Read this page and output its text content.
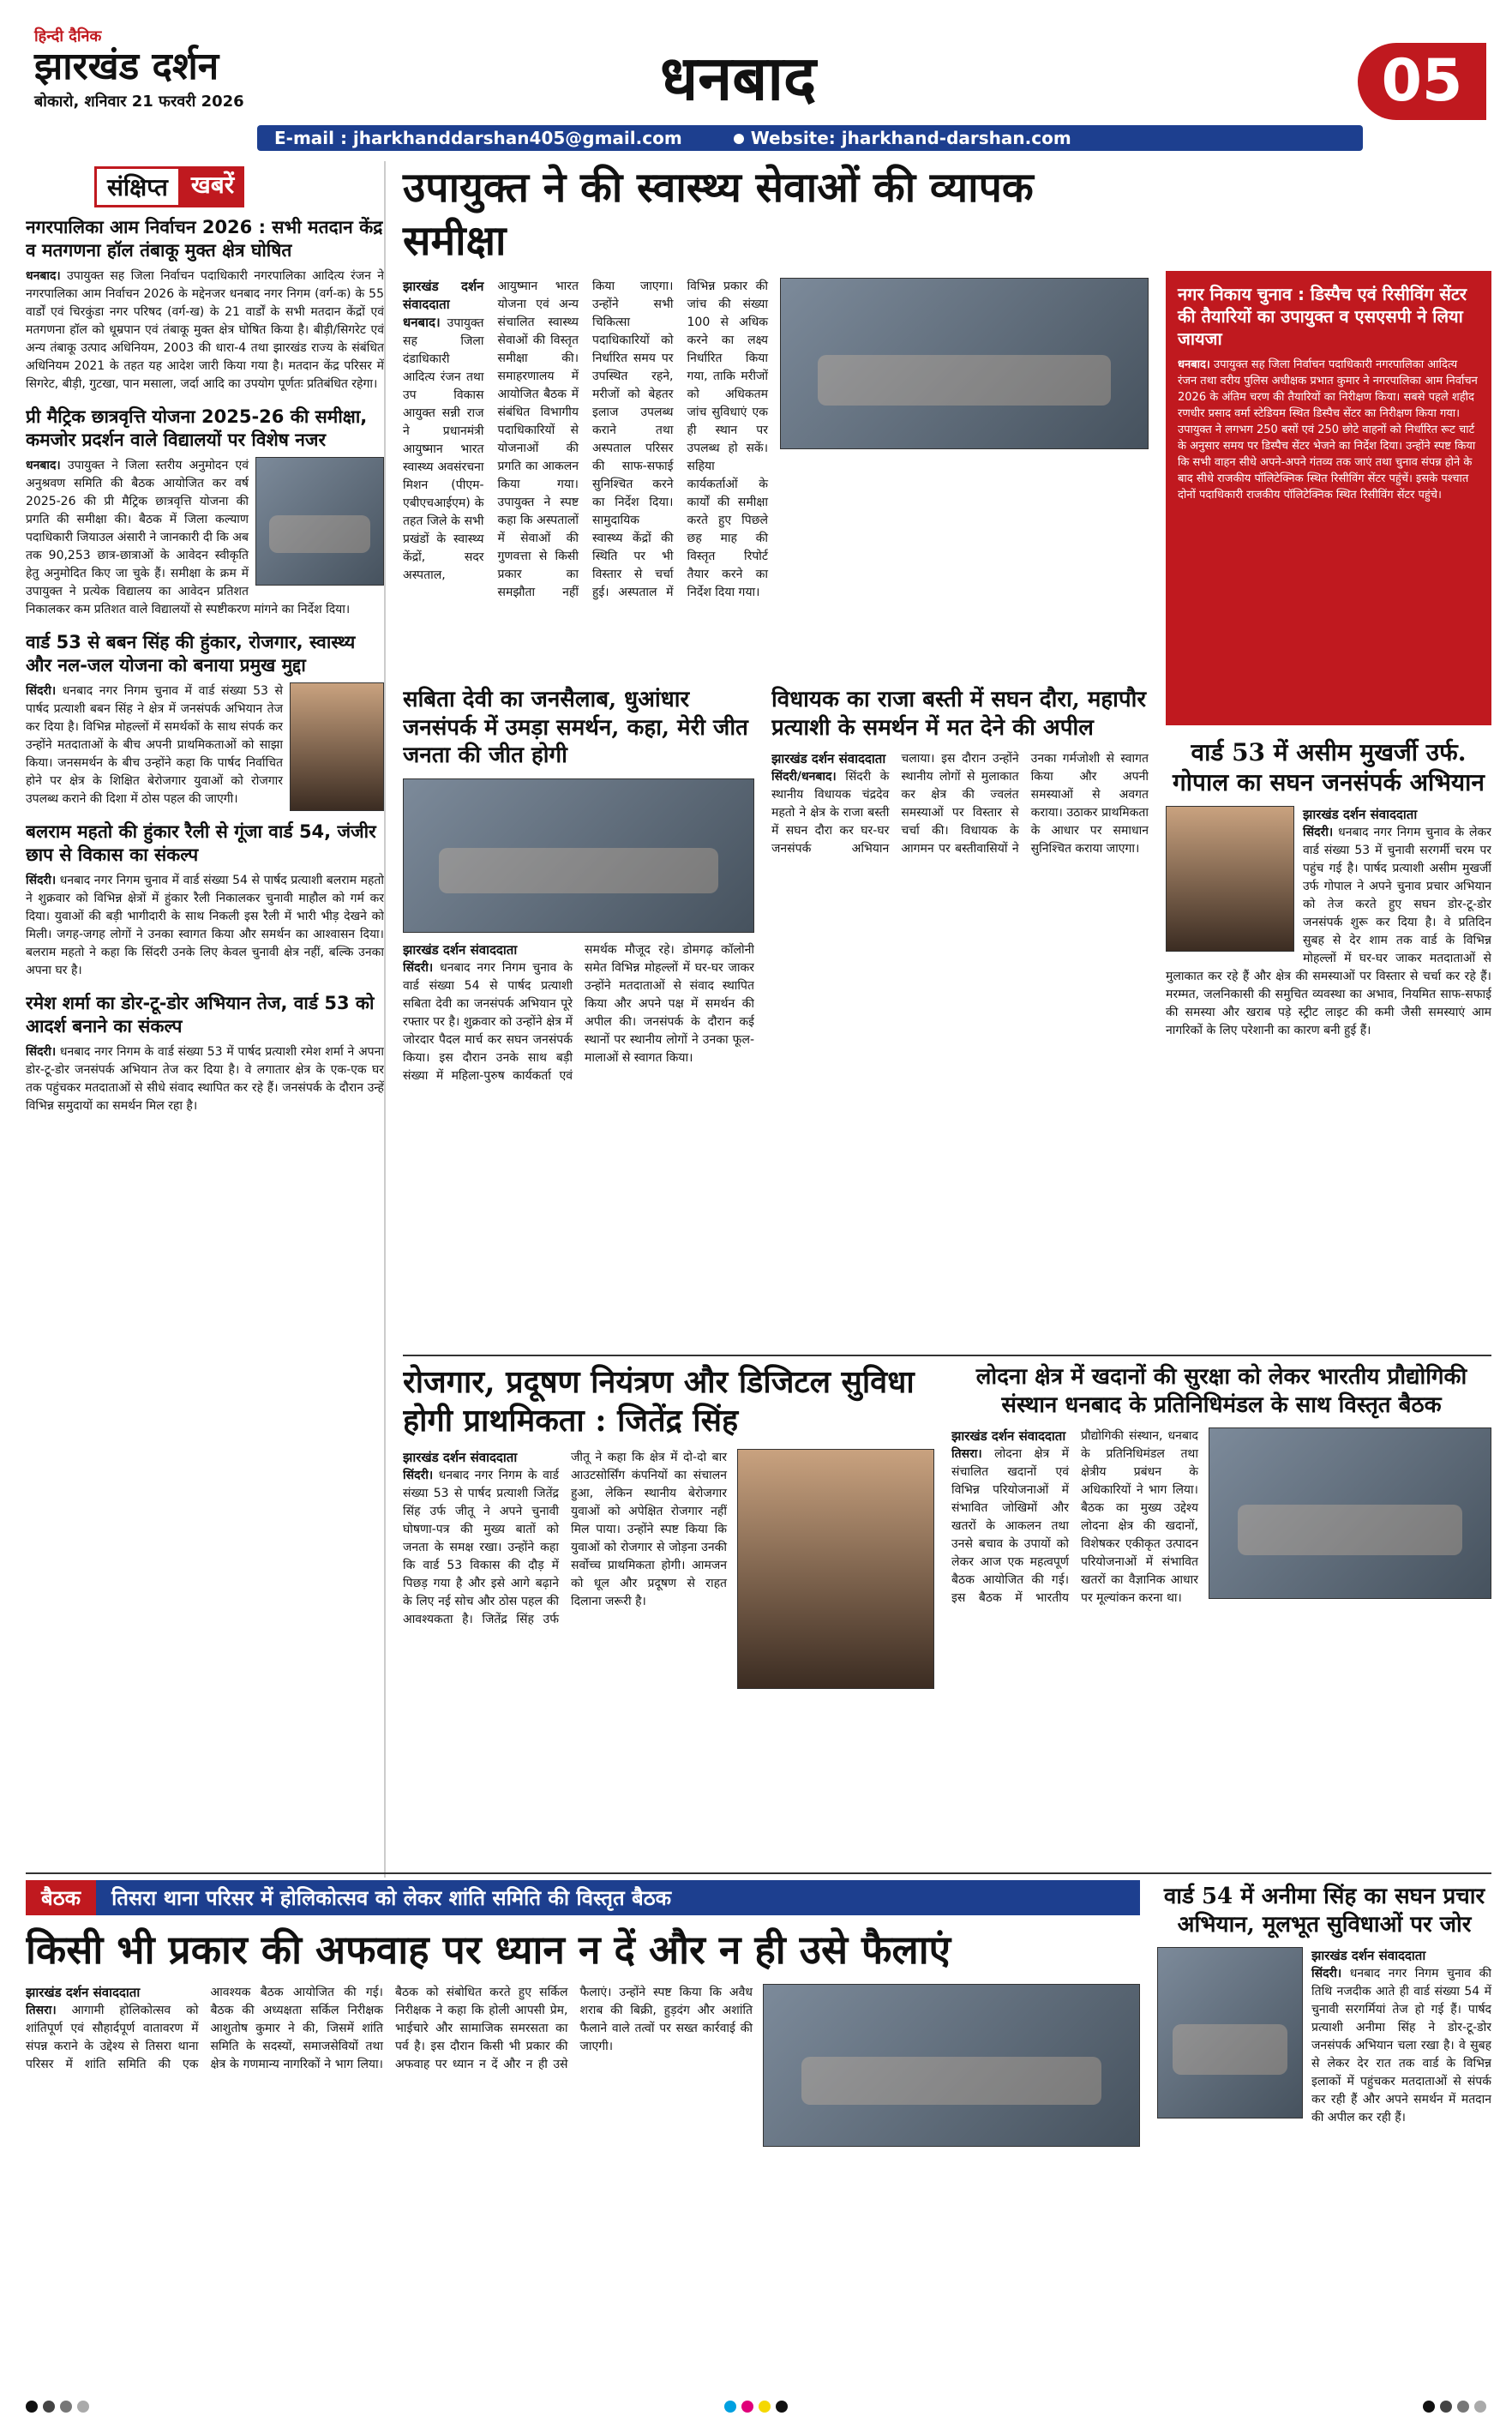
हिन्दी दैनिक
झारखंड दर्शन
बोकारो, शनिवार 21 फरवरी 2026	धनबाद	05
E-mail : jharkhanddarshan405@gmail.com	Website: jharkhand-darshan.com
संक्षिप्त खबरें
नगरपालिका आम निर्वाचन 2026 : सभी मतदान केंद्र व मतगणना हॉल तंबाकू मुक्त क्षेत्र घोषित

धनबाद। उपायुक्त सह जिला निर्वाचन पदाधिकारी नगरपालिका आदित्य रंजन ने नगरपालिका आम निर्वाचन 2026 के मद्देनजर धनबाद नगर निगम (वर्ग-क) के 55 वार्डों एवं चिरकुंडा नगर परिषद (वर्ग-ख) के 21 वार्डों के सभी मतदान केंद्रों एवं मतगणना हॉल को धूम्रपान एवं तंबाकू मुक्त क्षेत्र घोषित किया है। बीड़ी/सिगरेट एवं अन्य तंबाकू उत्पाद अधिनियम, 2003 की धारा-4 तथा झारखंड राज्य के संबंधित अधिनियम 2021 के तहत यह आदेश जारी किया गया है। मतदान केंद्र परिसर में सिगरेट, बीड़ी, गुटखा, पान मसाला, जर्दा आदि का उपयोग पूर्णतः प्रतिबंधित रहेगा।

प्री मैट्रिक छात्रवृत्ति योजना 2025-26 की समीक्षा, कमजोर प्रदर्शन वाले विद्यालयों पर विशेष नजर

धनबाद। उपायुक्त ने जिला स्तरीय अनुमोदन एवं अनुश्रवण समिति की बैठक आयोजित कर वर्ष 2025-26 की प्री मैट्रिक छात्रवृत्ति योजना की प्रगति की समीक्षा की। बैठक में जिला कल्याण पदाधिकारी जियाउल अंसारी ने जानकारी दी कि अब तक 90,253 छात्र-छात्राओं के आवेदन स्वीकृति हेतु अनुमोदित किए जा चुके हैं। समीक्षा के क्रम में उपायुक्त ने प्रत्येक विद्यालय का आवेदन प्रतिशत निकालकर कम प्रतिशत वाले विद्यालयों से स्पष्टीकरण मांगने का निर्देश दिया।

वार्ड 53 से बबन सिंह की हुंकार, रोजगार, स्वास्थ्य और नल-जल योजना को बनाया प्रमुख मुद्दा

सिंदरी। धनबाद नगर निगम चुनाव में वार्ड संख्या 53 से पार्षद प्रत्याशी बबन सिंह ने क्षेत्र में जनसंपर्क अभियान तेज कर दिया है। विभिन्न मोहल्लों में समर्थकों के साथ संपर्क कर उन्होंने मतदाताओं के बीच अपनी प्राथमिकताओं को साझा किया। जनसमर्थन के बीच उन्होंने कहा कि पार्षद निर्वाचित होने पर क्षेत्र के शिक्षित बेरोजगार युवाओं को रोजगार उपलब्ध कराने की दिशा में ठोस पहल की जाएगी।

बलराम महतो की हुंकार रैली से गूंजा वार्ड 54, जंजीर छाप से विकास का संकल्प

सिंदरी। धनबाद नगर निगम चुनाव में वार्ड संख्या 54 से पार्षद प्रत्याशी बलराम महतो ने शुक्रवार को विभिन्न क्षेत्रों में हुंकार रैली निकालकर चुनावी माहौल को गर्म कर दिया। युवाओं की बड़ी भागीदारी के साथ निकली इस रैली में भारी भीड़ देखने को मिली। जगह-जगह लोगों ने उनका स्वागत किया और समर्थन का आश्वासन दिया। बलराम महतो ने कहा कि सिंदरी उनके लिए केवल चुनावी क्षेत्र नहीं, बल्कि उनका अपना घर है।

रमेश शर्मा का डोर-टू-डोर अभियान तेज, वार्ड 53 को आदर्श बनाने का संकल्प

सिंदरी। धनबाद नगर निगम के वार्ड संख्या 53 में पार्षद प्रत्याशी रमेश शर्मा ने अपना डोर-टू-डोर जनसंपर्क अभियान तेज कर दिया है। वे लगातार क्षेत्र के एक-एक घर तक पहुंचकर मतदाताओं से सीधे संवाद स्थापित कर रहे हैं। जनसंपर्क के दौरान उन्हें विभिन्न समुदायों का समर्थन मिल रहा है।

उपायुक्त ने की स्वास्थ्य सेवाओं की व्यापक समीक्षा
झारखंड दर्शन संवाददाता
धनबाद। उपायुक्त सह जिला दंडाधिकारी आदित्य रंजन तथा उप विकास आयुक्त सन्नी राज ने प्रधानमंत्री आयुष्मान भारत स्वास्थ्य अवसंरचना मिशन (पीएम-एबीएचआईएम) के तहत जिले के सभी प्रखंडों के स्वास्थ्य केंद्रों, सदर अस्पताल, आयुष्मान भारत योजना एवं अन्य संचालित स्वास्थ्य सेवाओं की विस्तृत समीक्षा की। समाहरणालय में आयोजित बैठक में संबंधित विभागीय पदाधिकारियों से योजनाओं की प्रगति का आकलन किया गया। उपायुक्त ने स्पष्ट कहा कि अस्पतालों में सेवाओं की गुणवत्ता से किसी प्रकार का समझौता नहीं किया जाएगा। उन्होंने सभी चिकित्सा पदाधिकारियों को निर्धारित समय पर उपस्थित रहने, मरीजों को बेहतर इलाज उपलब्ध कराने तथा अस्पताल परिसर की साफ-सफाई सुनिश्चित करने का निर्देश दिया। सामुदायिक स्वास्थ्य केंद्रों की स्थिति पर भी विस्तार से चर्चा हुई। अस्पताल में विभिन्न प्रकार की जांच की संख्या 100 से अधिक करने का लक्ष्य निर्धारित किया गया, ताकि मरीजों को अधिकतम जांच सुविधाएं एक ही स्थान पर उपलब्ध हो सकें। सहिया कार्यकर्ताओं के कार्यों की समीक्षा करते हुए पिछले छह माह की विस्तृत रिपोर्ट तैयार करने का निर्देश दिया गया।
नगर निकाय चुनाव : डिस्पैच एवं रिसीविंग सेंटर की तैयारियों का उपायुक्त व एसएसपी ने लिया जायजा

धनबाद। उपायुक्त सह जिला निर्वाचन पदाधिकारी नगरपालिका आदित्य रंजन तथा वरीय पुलिस अधीक्षक प्रभात कुमार ने नगरपालिका आम निर्वाचन 2026 के अंतिम चरण की तैयारियों का निरीक्षण किया। सबसे पहले शहीद रणधीर प्रसाद वर्मा स्टेडियम स्थित डिस्पैच सेंटर का निरीक्षण किया गया। उपायुक्त ने लगभग 250 बसों एवं 250 छोटे वाहनों को निर्धारित रूट चार्ट के अनुसार समय पर डिस्पैच सेंटर भेजने का निर्देश दिया। उन्होंने स्पष्ट किया कि सभी वाहन सीधे अपने-अपने गंतव्य तक जाएं तथा चुनाव संपन्न होने के बाद सीधे राजकीय पॉलिटेक्निक स्थित रिसीविंग सेंटर पहुंचें। इसके पश्चात दोनों पदाधिकारी राजकीय पॉलिटेक्निक स्थित रिसीविंग सेंटर पहुंचे।

सबिता देवी का जनसैलाब, धुआंधार जनसंपर्क में उमड़ा समर्थन, कहा, मेरी जीत जनता की जीत होगी
झारखंड दर्शन संवाददाता
सिंदरी। धनबाद नगर निगम चुनाव के वार्ड संख्या 54 से पार्षद प्रत्याशी सबिता देवी का जनसंपर्क अभियान पूरे रफ्तार पर है। शुक्रवार को उन्होंने क्षेत्र में जोरदार पैदल मार्च कर सघन जनसंपर्क किया। इस दौरान उनके साथ बड़ी संख्या में महिला-पुरुष कार्यकर्ता एवं समर्थक मौजूद रहे। डोमगढ़ कॉलोनी समेत विभिन्न मोहल्लों में घर-घर जाकर उन्होंने मतदाताओं से संवाद स्थापित किया और अपने पक्ष में समर्थन की अपील की। जनसंपर्क के दौरान कई स्थानों पर स्थानीय लोगों ने उनका फूल-मालाओं से स्वागत किया।
विधायक का राजा बस्ती में सघन दौरा, महापौर प्रत्याशी के समर्थन में मत देने की अपील
झारखंड दर्शन संवाददाता
सिंदरी/धनबाद। सिंदरी के स्थानीय विधायक चंद्रदेव महतो ने क्षेत्र के राजा बस्ती में सघन दौरा कर घर-घर जनसंपर्क अभियान चलाया। इस दौरान उन्होंने स्थानीय लोगों से मुलाकात कर क्षेत्र की ज्वलंत समस्याओं पर विस्तार से चर्चा की। विधायक के आगमन पर बस्तीवासियों ने उनका गर्मजोशी से स्वागत किया और अपनी समस्याओं से अवगत कराया। उठाकर प्राथमिकता के आधार पर समाधान सुनिश्चित कराया जाएगा।
वार्ड 53 में असीम मुखर्जी उर्फ. गोपाल का सघन जनसंपर्क अभियान
झारखंड दर्शन संवाददाता
सिंदरी। धनबाद नगर निगम चुनाव के लेकर वार्ड संख्या 53 में चुनावी सरगर्मी चरम पर पहुंच गई है। पार्षद प्रत्याशी असीम मुखर्जी उर्फ गोपाल ने अपने चुनाव प्रचार अभियान को तेज करते हुए सघन डोर-टू-डोर जनसंपर्क शुरू कर दिया है। वे प्रतिदिन सुबह से देर शाम तक वार्ड के विभिन्न मोहल्लों में घर-घर जाकर मतदाताओं से मुलाकात कर रहे हैं और क्षेत्र की समस्याओं पर विस्तार से चर्चा कर रहे हैं। मरम्मत, जलनिकासी की समुचित व्यवस्था का अभाव, नियमित साफ-सफाई की समस्या और खराब पड़े स्ट्रीट लाइट की कमी जैसी समस्याएं आम नागरिकों के लिए परेशानी का कारण बनी हुई हैं।
रोजगार, प्रदूषण नियंत्रण और डिजिटल सुविधा होगी प्राथमिकता : जितेंद्र सिंह
झारखंड दर्शन संवाददाता
सिंदरी। धनबाद नगर निगम के वार्ड संख्या 53 से पार्षद प्रत्याशी जितेंद्र सिंह उर्फ जीतू ने अपने चुनावी घोषणा-पत्र की मुख्य बातों को जनता के समक्ष रखा। उन्होंने कहा कि वार्ड 53 विकास की दौड़ में पिछड़ गया है और इसे आगे बढ़ाने के लिए नई सोच और ठोस पहल की आवश्यकता है। जितेंद्र सिंह उर्फ जीतू ने कहा कि क्षेत्र में दो-दो बार आउटसोर्सिंग कंपनियों का संचालन हुआ, लेकिन स्थानीय बेरोजगार युवाओं को अपेक्षित रोजगार नहीं मिल पाया। उन्होंने स्पष्ट किया कि युवाओं को रोजगार से जोड़ना उनकी सर्वोच्च प्राथमिकता होगी। आमजन को धूल और प्रदूषण से राहत दिलाना जरूरी है।
लोदना क्षेत्र में खदानों की सुरक्षा को लेकर भारतीय प्रौद्योगिकी संस्थान धनबाद के प्रतिनिधिमंडल के साथ विस्तृत बैठक
झारखंड दर्शन संवाददाता
तिसरा। लोदना क्षेत्र में संचालित खदानों एवं विभिन्न परियोजनाओं में संभावित जोखिमों और खतरों के आकलन तथा उनसे बचाव के उपायों को लेकर आज एक महत्वपूर्ण बैठक आयोजित की गई। इस बैठक में भारतीय प्रौद्योगिकी संस्थान, धनबाद के प्रतिनिधिमंडल तथा क्षेत्रीय प्रबंधन के अधिकारियों ने भाग लिया। बैठक का मुख्य उद्देश्य लोदना क्षेत्र की खदानों, विशेषकर एकीकृत उत्पादन परियोजनाओं में संभावित खतरों का वैज्ञानिक आधार पर मूल्यांकन करना था।
बैठक	तिसरा थाना परिसर में होलिकोत्सव को लेकर शांति समिति की विस्तृत बैठक
किसी भी प्रकार की अफवाह पर ध्यान न दें और न ही उसे फैलाएं
झारखंड दर्शन संवाददाता
तिसरा। आगामी होलिकोत्सव को शांतिपूर्ण एवं सौहार्दपूर्ण वातावरण में संपन्न कराने के उद्देश्य से तिसरा थाना परिसर में शांति समिति की एक आवश्यक बैठक आयोजित की गई। बैठक की अध्यक्षता सर्किल निरीक्षक आशुतोष कुमार ने की, जिसमें शांति समिति के सदस्यों, समाजसेवियों तथा क्षेत्र के गणमान्य नागरिकों ने भाग लिया। बैठक को संबोधित करते हुए सर्किल निरीक्षक ने कहा कि होली आपसी प्रेम, भाईचारे और सामाजिक समरसता का पर्व है। इस दौरान किसी भी प्रकार की अफवाह पर ध्यान न दें और न ही उसे फैलाएं। उन्होंने स्पष्ट किया कि अवैध शराब की बिक्री, हुड़दंग और अशांति फैलाने वाले तत्वों पर सख्त कार्रवाई की जाएगी।
वार्ड 54 में अनीमा सिंह का सघन प्रचार अभियान, मूलभूत सुविधाओं पर जोर
झारखंड दर्शन संवाददाता
सिंदरी। धनबाद नगर निगम चुनाव की तिथि नजदीक आते ही वार्ड संख्या 54 में चुनावी सरगर्मियां तेज हो गई हैं। पार्षद प्रत्याशी अनीमा सिंह ने डोर-टू-डोर जनसंपर्क अभियान चला रखा है। वे सुबह से लेकर देर रात तक वार्ड के विभिन्न इलाकों में पहुंचकर मतदाताओं से संपर्क कर रही हैं और अपने समर्थन में मतदान की अपील कर रही हैं।
